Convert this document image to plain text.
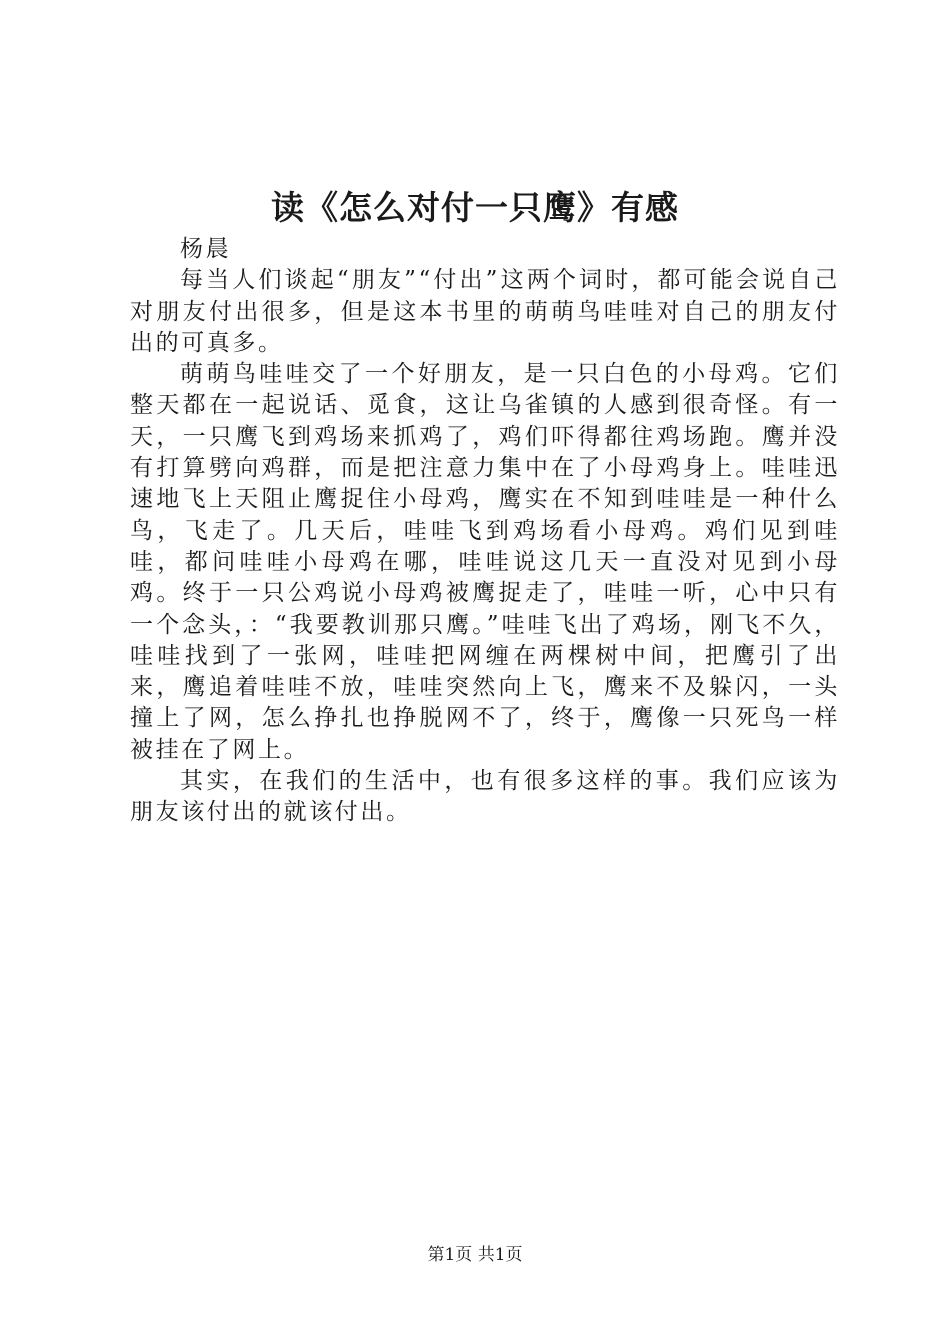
读《怎么对付一只鹰》有感

杨晨

每当人们谈起“朋友”“付出”这两个词时，都可能会说自己对朋友付出很多，但是这本书里的萌萌鸟哇哇对自己的朋友付出的可真多。

萌萌鸟哇哇交了一个好朋友，是一只白色的小母鸡。它们整天都在一起说话、觅食，这让乌雀镇的人感到很奇怪。有一天，一只鹰飞到鸡场来抓鸡了，鸡们吓得都往鸡场跑。鹰并没有打算劈向鸡群，而是把注意力集中在了小母鸡身上。哇哇迅速地飞上天阻止鹰捉住小母鸡，鹰实在不知到哇哇是一种什么鸟，飞走了。几天后，哇哇飞到鸡场看小母鸡。鸡们见到哇哇，都问哇哇小母鸡在哪，哇哇说这几天一直没对见到小母鸡。终于一只公鸡说小母鸡被鹰捉走了，哇哇一听，心中只有一个念头，：“我要教训那只鹰。”哇哇飞出了鸡场，刚飞不久，哇哇找到了一张网，哇哇把网缠在两棵树中间，把鹰引了出来，鹰追着哇哇不放，哇哇突然向上飞，鹰来不及躲闪，一头撞上了网，怎么挣扎也挣脱网不了，终于，鹰像一只死鸟一样被挂在了网上。

其实，在我们的生活中，也有很多这样的事。我们应该为朋友该付出的就该付出。

第1页 共1页
